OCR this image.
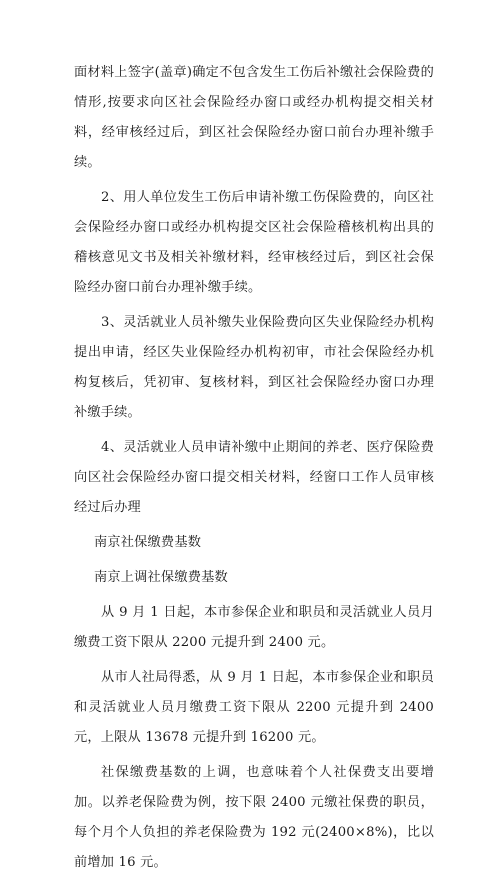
面材料上签字(盖章)确定不包含发生工伤后补缴社会保险费的情形,按要求向区社会保险经办窗口或经办机构提交相关材料，经审核经过后，到区社会保险经办窗口前台办理补缴手续。

2、用人单位发生工伤后申请补缴工伤保险费的，向区社会保险经办窗口或经办机构提交区社会保险稽核机构出具的稽核意见文书及相关补缴材料，经审核经过后，到区社会保险经办窗口前台办理补缴手续。

3、灵活就业人员补缴失业保险费向区失业保险经办机构提出申请，经区失业保险经办机构初审，市社会保险经办机构复核后，凭初审、复核材料，到区社会保险经办窗口办理补缴手续。

4、灵活就业人员申请补缴中止期间的养老、医疗保险费向区社会保险经办窗口提交相关材料，经窗口工作人员审核经过后办理

南京社保缴费基数

南京上调社保缴费基数

从 9 月 1 日起，本市参保企业和职员和灵活就业人员月缴费工资下限从 2200 元提升到 2400 元。

从市人社局得悉，从 9 月 1 日起，本市参保企业和职员和灵活就业人员月缴费工资下限从 2200 元提升到 2400 元，上限从 13678 元提升到 16200 元。

社保缴费基数的上调，也意味着个人社保费支出要增加。以养老保险费为例，按下限 2400 元缴社保费的职员，每个月个人负担的养老保险费为 192 元(2400×8%)，比以前增加 16 元。
